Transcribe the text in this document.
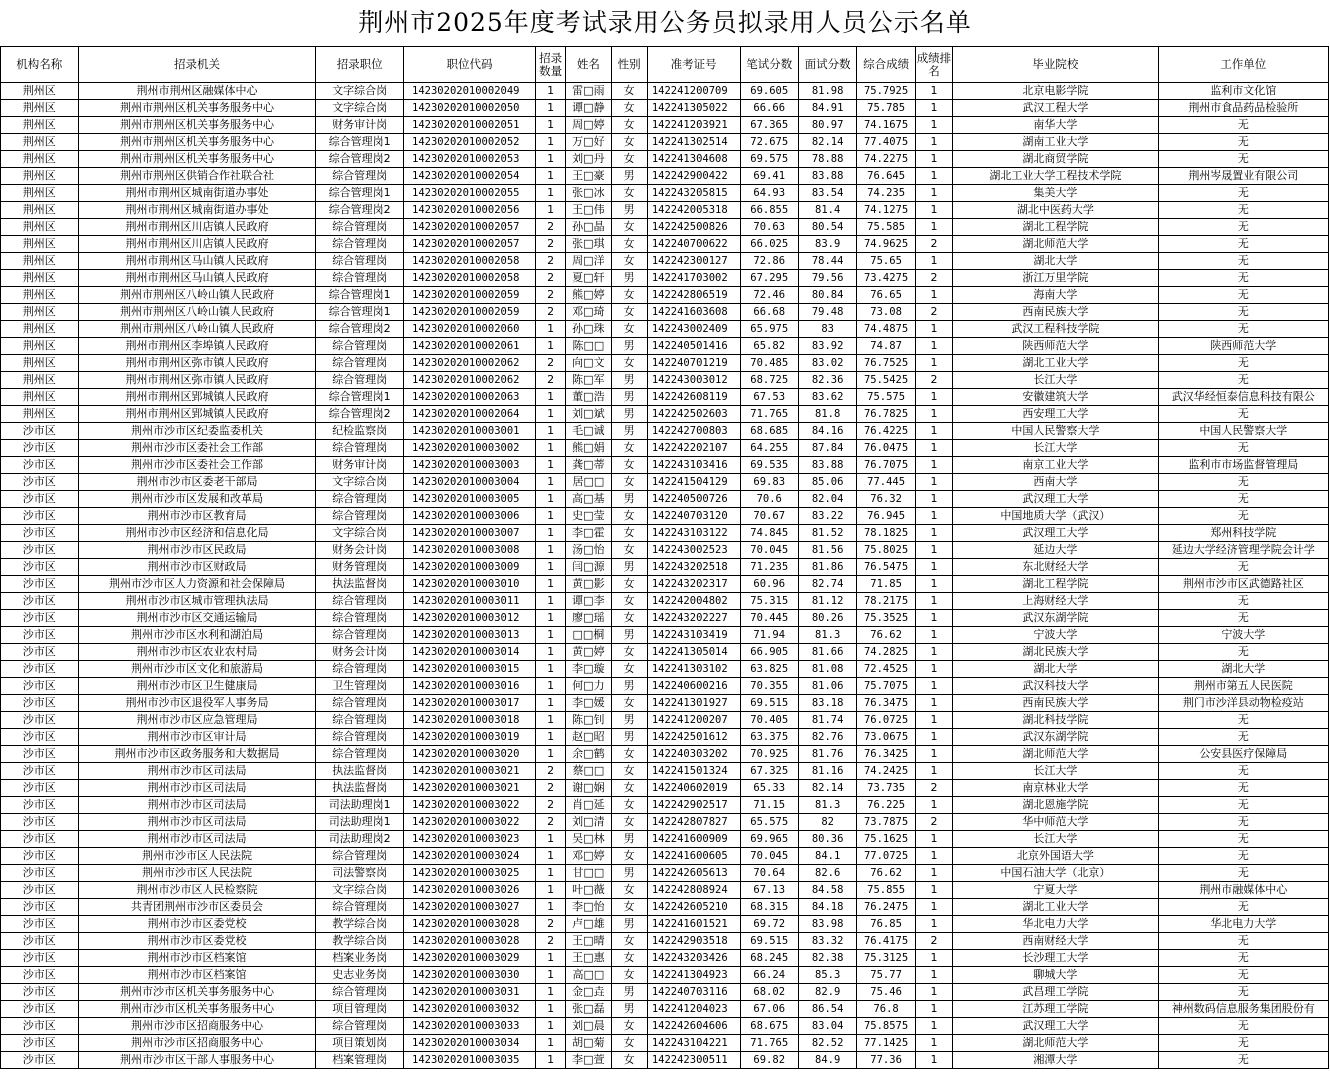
荆州市2025年度考试录用公务员拟录用人员公示名单
机构名称	招录机关	招录职位	职位代码	招录数量	姓名	性别	准考证号	笔试分数	面试分数	综合成绩	成绩排名	毕业院校	工作单位
荆州区	荆州市荆州区融媒体中心	文字综合岗	14230202010002049	1	雷□雨	女	142241200709	69.605	81.98	75.7925	1	北京电影学院	监利市文化馆
荆州区	荆州市荆州区机关事务服务中心	文字综合岗	14230202010002050	1	谭□静	女	142241305022	66.66	84.91	75.785	1	武汉工程大学	荆州市食品药品检验所
荆州区	荆州市荆州区机关事务服务中心	财务审计岗	14230202010002051	1	周□婷	女	142241203921	67.365	80.97	74.1675	1	南华大学	无
荆州区	荆州市荆州区机关事务服务中心	综合管理岗1	14230202010002052	1	万□好	女	142241302514	72.675	82.14	77.4075	1	湖南工业大学	无
荆州区	荆州市荆州区机关事务服务中心	综合管理岗2	14230202010002053	1	刘□丹	女	142241304608	69.575	78.88	74.2275	1	湖北商贸学院	无
荆州区	荆州市荆州区供销合作社联合社	综合管理岗	14230202010002054	1	王□豪	男	142242900422	69.41	83.88	76.645	1	湖北工业大学工程技术学院	荆州岑晟置业有限公司
荆州区	荆州市荆州区城南街道办事处	综合管理岗1	14230202010002055	1	张□冰	女	142243205815	64.93	83.54	74.235	1	集美大学	无
荆州区	荆州市荆州区城南街道办事处	综合管理岗2	14230202010002056	1	王□伟	男	142242005318	66.855	81.4	74.1275	1	湖北中医药大学	无
荆州区	荆州市荆州区川店镇人民政府	综合管理岗	14230202010002057	2	孙□晶	女	142242500826	70.63	80.54	75.585	1	湖北工程学院	无
荆州区	荆州市荆州区川店镇人民政府	综合管理岗	14230202010002057	2	张□琪	女	142240700622	66.025	83.9	74.9625	2	湖北师范大学	无
荆州区	荆州市荆州区马山镇人民政府	综合管理岗	14230202010002058	2	周□洋	女	142242300127	72.86	78.44	75.65	1	湖北大学	无
荆州区	荆州市荆州区马山镇人民政府	综合管理岗	14230202010002058	2	夏□轩	男	142241703002	67.295	79.56	73.4275	2	浙江万里学院	无
荆州区	荆州市荆州区八岭山镇人民政府	综合管理岗1	14230202010002059	2	熊□婷	女	142242806519	72.46	80.84	76.65	1	海南大学	无
荆州区	荆州市荆州区八岭山镇人民政府	综合管理岗1	14230202010002059	2	邓□琦	女	142241603608	66.68	79.48	73.08	2	西南民族大学	无
荆州区	荆州市荆州区八岭山镇人民政府	综合管理岗2	14230202010002060	1	孙□珠	女	142243002409	65.975	83	74.4875	1	武汉工程科技学院	无
荆州区	荆州市荆州区李埠镇人民政府	综合管理岗	14230202010002061	1	陈□□	男	142240501416	65.82	83.92	74.87	1	陕西师范大学	陕西师范大学
荆州区	荆州市荆州区弥市镇人民政府	综合管理岗	14230202010002062	2	向□文	女	142240701219	70.485	83.02	76.7525	1	湖北工业大学	无
荆州区	荆州市荆州区弥市镇人民政府	综合管理岗	14230202010002062	2	陈□军	男	142243003012	68.725	82.36	75.5425	2	长江大学	无
荆州区	荆州市荆州区郢城镇人民政府	综合管理岗1	14230202010002063	1	董□浩	男	142242608119	67.53	83.62	75.575	1	安徽建筑大学	武汉华经恒泰信息科技有限公
荆州区	荆州市荆州区郢城镇人民政府	综合管理岗2	14230202010002064	1	刘□斌	男	142242502603	71.765	81.8	76.7825	1	西安理工大学	无
沙市区	荆州市沙市区纪委监委机关	纪检监察岗	14230202010003001	1	毛□诚	男	142242700803	68.685	84.16	76.4225	1	中国人民警察大学	中国人民警察大学
沙市区	荆州市沙市区委社会工作部	综合管理岗	14230202010003002	1	熊□娟	女	142242202107	64.255	87.84	76.0475	1	长江大学	无
沙市区	荆州市沙市区委社会工作部	财务审计岗	14230202010003003	1	龚□蒂	女	142243103416	69.535	83.88	76.7075	1	南京工业大学	监利市市场监督管理局
沙市区	荆州市沙市区委老干部局	文字综合岗	14230202010003004	1	居□□	女	142241504129	69.83	85.06	77.445	1	西南大学	无
沙市区	荆州市沙市区发展和改革局	综合管理岗	14230202010003005	1	高□基	男	142240500726	70.6	82.04	76.32	1	武汉理工大学	无
沙市区	荆州市沙市区教育局	综合管理岗	14230202010003006	1	史□莹	女	142240703120	70.67	83.22	76.945	1	中国地质大学（武汉）	无
沙市区	荆州市沙市区经济和信息化局	文字综合岗	14230202010003007	1	李□霍	女	142243103122	74.845	81.52	78.1825	1	武汉理工大学	郑州科技学院
沙市区	荆州市沙市区民政局	财务会计岗	14230202010003008	1	汤□怡	女	142243002523	70.045	81.56	75.8025	1	延边大学	延边大学经济管理学院会计学
沙市区	荆州市沙市区财政局	财务管理岗	14230202010003009	1	闫□源	男	142243202518	71.235	81.86	76.5475	1	东北财经大学	无
沙市区	荆州市沙市区人力资源和社会保障局	执法监督岗	14230202010003010	1	黄□影	女	142243202317	60.96	82.74	71.85	1	湖北工程学院	荆州市沙市区武德路社区
沙市区	荆州市沙市区城市管理执法局	综合管理岗	14230202010003011	1	谭□李	女	142242004802	75.315	81.12	78.2175	1	上海财经大学	无
沙市区	荆州市沙市区交通运输局	综合管理岗	14230202010003012	1	廖□瑶	女	142243202227	70.445	80.26	75.3525	1	武汉东湖学院	无
沙市区	荆州市沙市区水利和湖泊局	综合管理岗	14230202010003013	1	□□桐	男	142243103419	71.94	81.3	76.62	1	宁波大学	宁波大学
沙市区	荆州市沙市区农业农村局	财务会计岗	14230202010003014	1	黄□婷	女	142241305014	66.905	81.66	74.2825	1	湖北民族大学	无
沙市区	荆州市沙市区文化和旅游局	综合管理岗	14230202010003015	1	李□璇	女	142241303102	63.825	81.08	72.4525	1	湖北大学	湖北大学
沙市区	荆州市沙市区卫生健康局	卫生管理岗	14230202010003016	1	何□力	男	142240600216	70.355	81.06	75.7075	1	武汉科技大学	荆州市第五人民医院
沙市区	荆州市沙市区退役军人事务局	综合管理岗	14230202010003017	1	李□媛	女	142241301927	69.515	83.18	76.3475	1	西南民族大学	荆门市沙洋县动物检疫站
沙市区	荆州市沙市区应急管理局	综合管理岗	14230202010003018	1	陈□钊	男	142241200207	70.405	81.74	76.0725	1	湖北科技学院	无
沙市区	荆州市沙市区审计局	综合管理岗	14230202010003019	1	赵□昭	男	142242501612	63.375	82.76	73.0675	1	武汉东湖学院	无
沙市区	荆州市沙市区政务服务和大数据局	综合管理岗	14230202010003020	1	余□鹤	女	142240303202	70.925	81.76	76.3425	1	湖北师范大学	公安县医疗保障局
沙市区	荆州市沙市区司法局	执法监督岗	14230202010003021	2	蔡□□	女	142241501324	67.325	81.16	74.2425	1	长江大学	无
沙市区	荆州市沙市区司法局	执法监督岗	14230202010003021	2	谢□娴	女	142240602019	65.33	82.14	73.735	2	南京林业大学	无
沙市区	荆州市沙市区司法局	司法助理岗1	14230202010003022	2	肖□延	女	142242902517	71.15	81.3	76.225	1	湖北恩施学院	无
沙市区	荆州市沙市区司法局	司法助理岗1	14230202010003022	2	刘□清	女	142242807827	65.575	82	73.7875	2	华中师范大学	无
沙市区	荆州市沙市区司法局	司法助理岗2	14230202010003023	1	吴□林	男	142241600909	69.965	80.36	75.1625	1	长江大学	无
沙市区	荆州市沙市区人民法院	综合管理岗	14230202010003024	1	邓□婷	女	142241600605	70.045	84.1	77.0725	1	北京外国语大学	无
沙市区	荆州市沙市区人民法院	司法警察岗	14230202010003025	1	甘□□	男	142242605613	70.64	82.6	76.62	1	中国石油大学（北京）	无
沙市区	荆州市沙市区人民检察院	文字综合岗	14230202010003026	1	叶□薇	女	142242808924	67.13	84.58	75.855	1	宁夏大学	荆州市融媒体中心
沙市区	共青团荆州市沙市区委员会	综合管理岗	14230202010003027	1	李□怡	女	142242605210	68.315	84.18	76.2475	1	湖北工业大学	无
沙市区	荆州市沙市区委党校	教学综合岗	14230202010003028	2	卢□雄	男	142241601521	69.72	83.98	76.85	1	华北电力大学	华北电力大学
沙市区	荆州市沙市区委党校	教学综合岗	14230202010003028	2	王□晴	女	142242903518	69.515	83.32	76.4175	2	西南财经大学	无
沙市区	荆州市沙市区档案馆	档案业务岗	14230202010003029	1	王□惠	女	142243203426	68.245	82.38	75.3125	1	长沙理工大学	无
沙市区	荆州市沙市区档案馆	史志业务岗	14230202010003030	1	高□□	女	142241304923	66.24	85.3	75.77	1	聊城大学	无
沙市区	荆州市沙市区机关事务服务中心	综合管理岗	14230202010003031	1	金□垚	男	142240703116	68.02	82.9	75.46	1	武昌理工学院	无
沙市区	荆州市沙市区机关事务服务中心	项目管理岗	14230202010003032	1	张□磊	男	142241204023	67.06	86.54	76.8	1	江苏理工学院	神州数码信息服务集团股份有
沙市区	荆州市沙市区招商服务中心	综合管理岗	14230202010003033	1	刘□晨	女	142242604606	68.675	83.04	75.8575	1	武汉理工大学	无
沙市区	荆州市沙市区招商服务中心	项目策划岗	14230202010003034	1	胡□菊	女	142243104221	71.765	82.52	77.1425	1	湖北师范大学	无
沙市区	荆州市沙市区干部人事服务中心	档案管理岗	14230202010003035	1	李□萱	女	142242300511	69.82	84.9	77.36	1	湘潭大学	无
